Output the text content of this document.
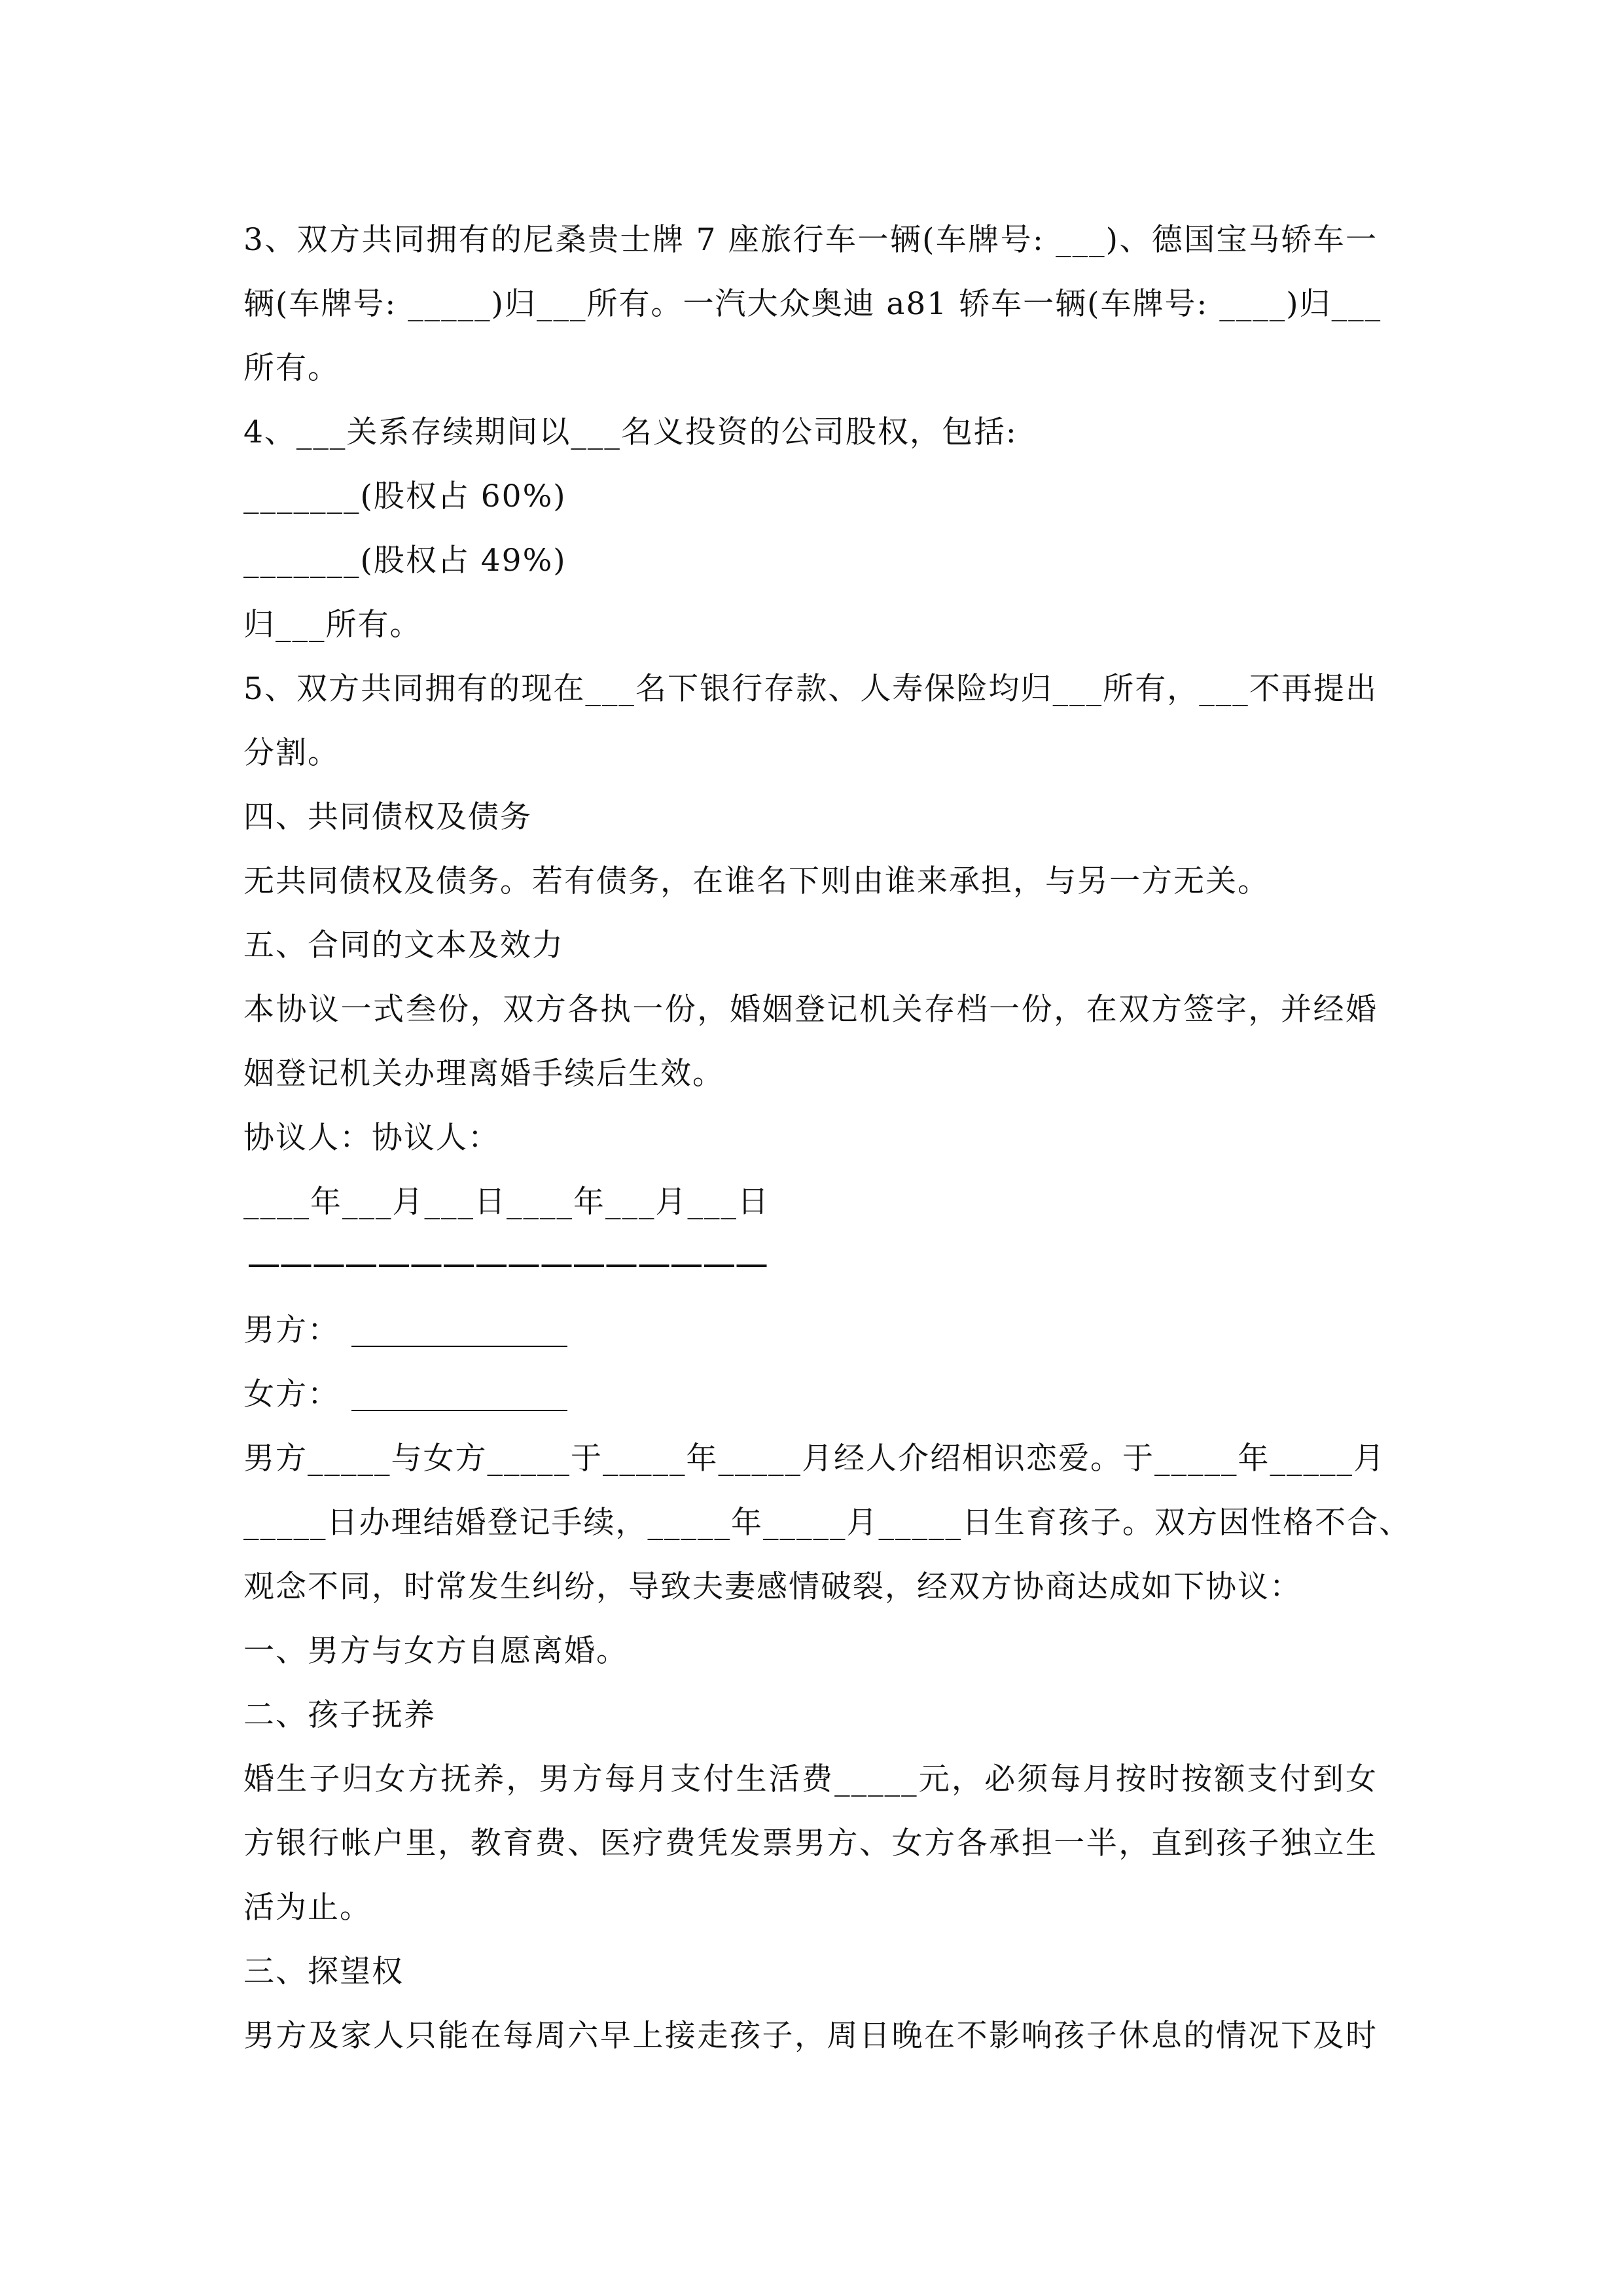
3、双方共同拥有的尼桑贵士牌 7 座旅行车一辆(车牌号: ___)、德国宝马轿车一
辆(车牌号: _____)归___所有。一汽大众奥迪 a81 轿车一辆(车牌号: ____)归___
所有。
4、___关系存续期间以___名义投资的公司股权，包括:
_______(股权占 60%)
_______(股权占 49%)
归___所有。
5、双方共同拥有的现在___名下银行存款、人寿保险均归___所有，___不再提出
分割。
四、共同债权及债务
无共同债权及债务。若有债务，在谁名下则由谁来承担，与另一方无关。
五、合同的文本及效力
本协议一式叁份，双方各执一份，婚姻登记机关存档一份，在双方签字，并经婚
姻登记机关办理离婚手续后生效。
协议人：协议人：
____年___月___日____年___月___日
男方：
女方：
男方_____与女方_____于_____年_____月经人介绍相识恋爱。于_____年_____月
_____日办理结婚登记手续，_____年_____月_____日生育孩子。双方因性格不合、
观念不同，时常发生纠纷，导致夫妻感情破裂，经双方协商达成如下协议：
一、男方与女方自愿离婚。
二、孩子抚养
婚生子归女方抚养，男方每月支付生活费_____元，必须每月按时按额支付到女
方银行帐户里，教育费、医疗费凭发票男方、女方各承担一半，直到孩子独立生
活为止。
三、探望权
男方及家人只能在每周六早上接走孩子，周日晚在不影响孩子休息的情况下及时
